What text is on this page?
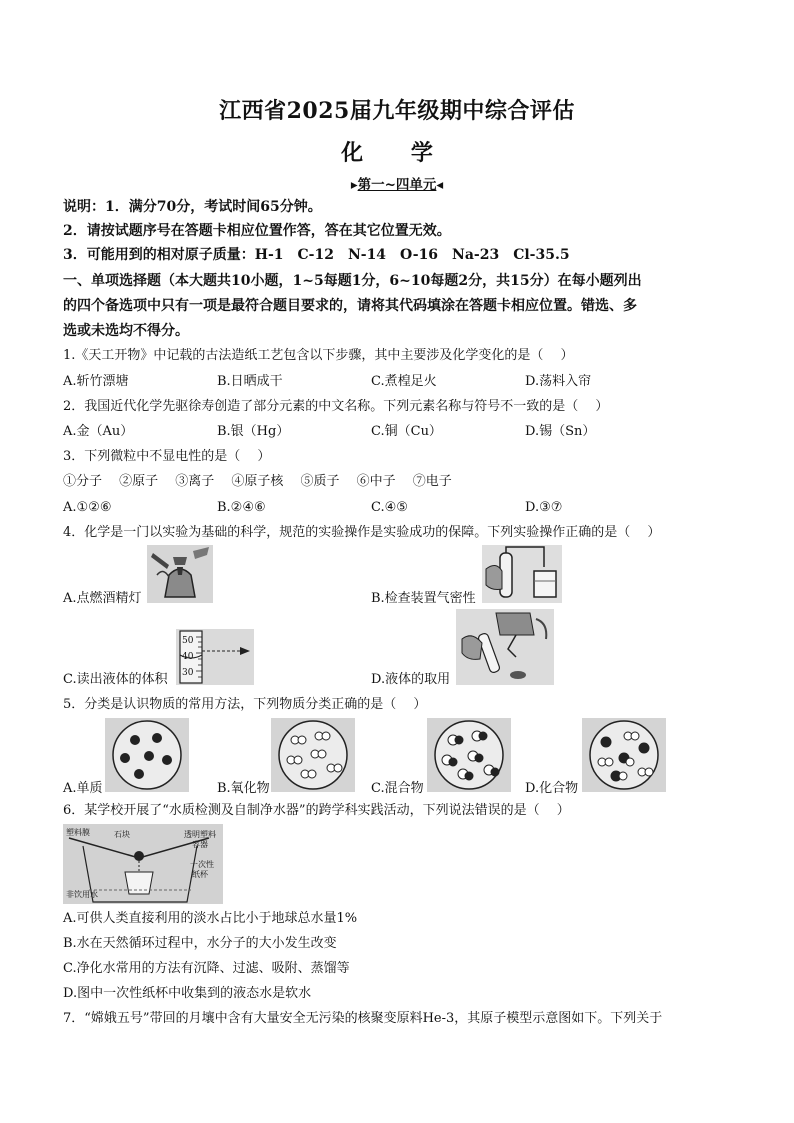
江西省2025届九年级期中综合评估
化 学
▸第一~四单元◂
说明：1．满分70分，考试时间65分钟。
2．请按试题序号在答题卡相应位置作答，答在其它位置无效。
3．可能用到的相对原子质量：H-1　C-12　N-14　O-16　Na-23　Cl-35.5
一、单项选择题（本大题共10小题，1~5每题1分，6~10每题2分，共15分）在每小题列出
的四个备选项中只有一项是最符合题目要求的，请将其代码填涂在答题卡相应位置。错选、多
选或未选均不得分。
1.《天工开物》中记载的古法造纸工艺包含以下步骤，其中主要涉及化学变化的是（　 ）
A.斩竹漂塘	B.日晒成干	C.煮楻足火	D.荡料入帘
2．我国近代化学先驱徐寿创造了部分元素的中文名称。下列元素名称与符号不一致的是（　 ）
A.金（Au）	B.银（Hg）	C.铜（Cu）	D.锡（Sn）
3．下列微粒中不显电性的是（　 ）
①分子　 ②原子　 ③离子　 ④原子核　 ⑤质子　 ⑥中子　 ⑦电子
A.①②⑥	B.②④⑥	C.④⑤	D.③⑦
4．化学是一门以实验为基础的科学，规范的实验操作是实验成功的保障。下列实验操作正确的是（　 ）
A.点燃酒精灯	B.检查装置气密性
50
40
30
C.读出液体的体积	D.液体的取用
5．分类是认识物质的常用方法，下列物质分类正确的是（　 ）
A.单质	B.氧化物	C.混合物	D.化合物
6．某学校开展了“水质检测及自制净水器”的跨学科实践活动，下列说法错误的是（　 ）
塑料膜	石块	透明塑料
容器
一次性
纸杯
非饮用水
A.可供人类直接利用的淡水占比小于地球总水量1%
B.水在天然循环过程中，水分子的大小发生改变
C.净化水常用的方法有沉降、过滤、吸附、蒸馏等
D.图中一次性纸杯中收集到的液态水是软水
7．“嫦娥五号”带回的月壤中含有大量安全无污染的核聚变原料He-3，其原子模型示意图如下。下列关于
